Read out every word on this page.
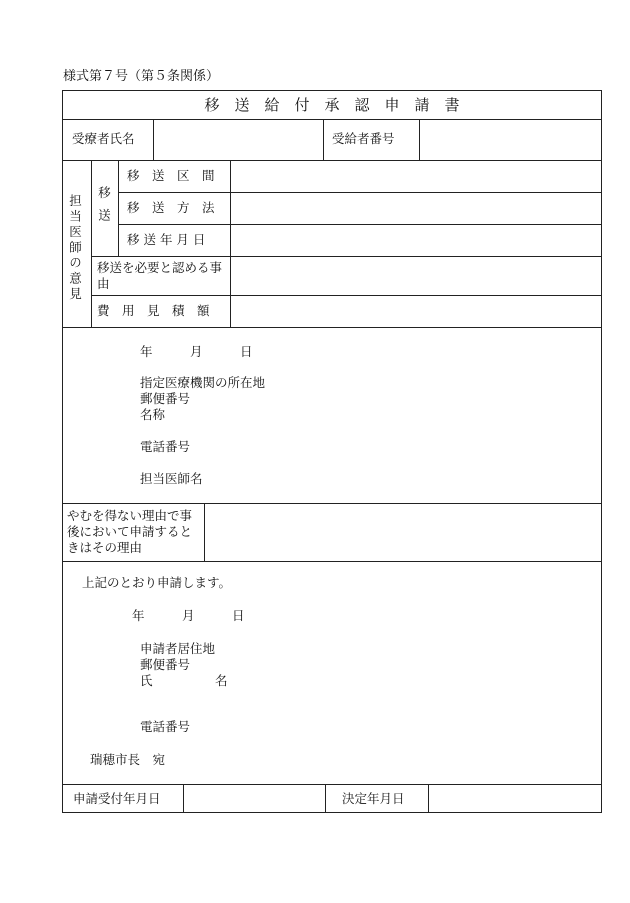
様式第７号（第５条関係）
移　送　給　付　承　認　申　請　書
受療者氏名	受給者番号
担当医師の意見 移送
移　送　区　間
移　送　方　法
移 送 年 月 日
移送を必要と認める事由
費　用　見　積　額
年　　　月　　　日
指定医療機関の所在地
郵便番号
名称
電話番号
担当医師名
やむを得ない理由で事後において申請するときはその理由
上記のとおり申請します。
年　　　月　　　日
申請者居住地
郵便番号
氏　　　　　名
電話番号
瑞穂市長　宛
申請受付年月日	決定年月日
